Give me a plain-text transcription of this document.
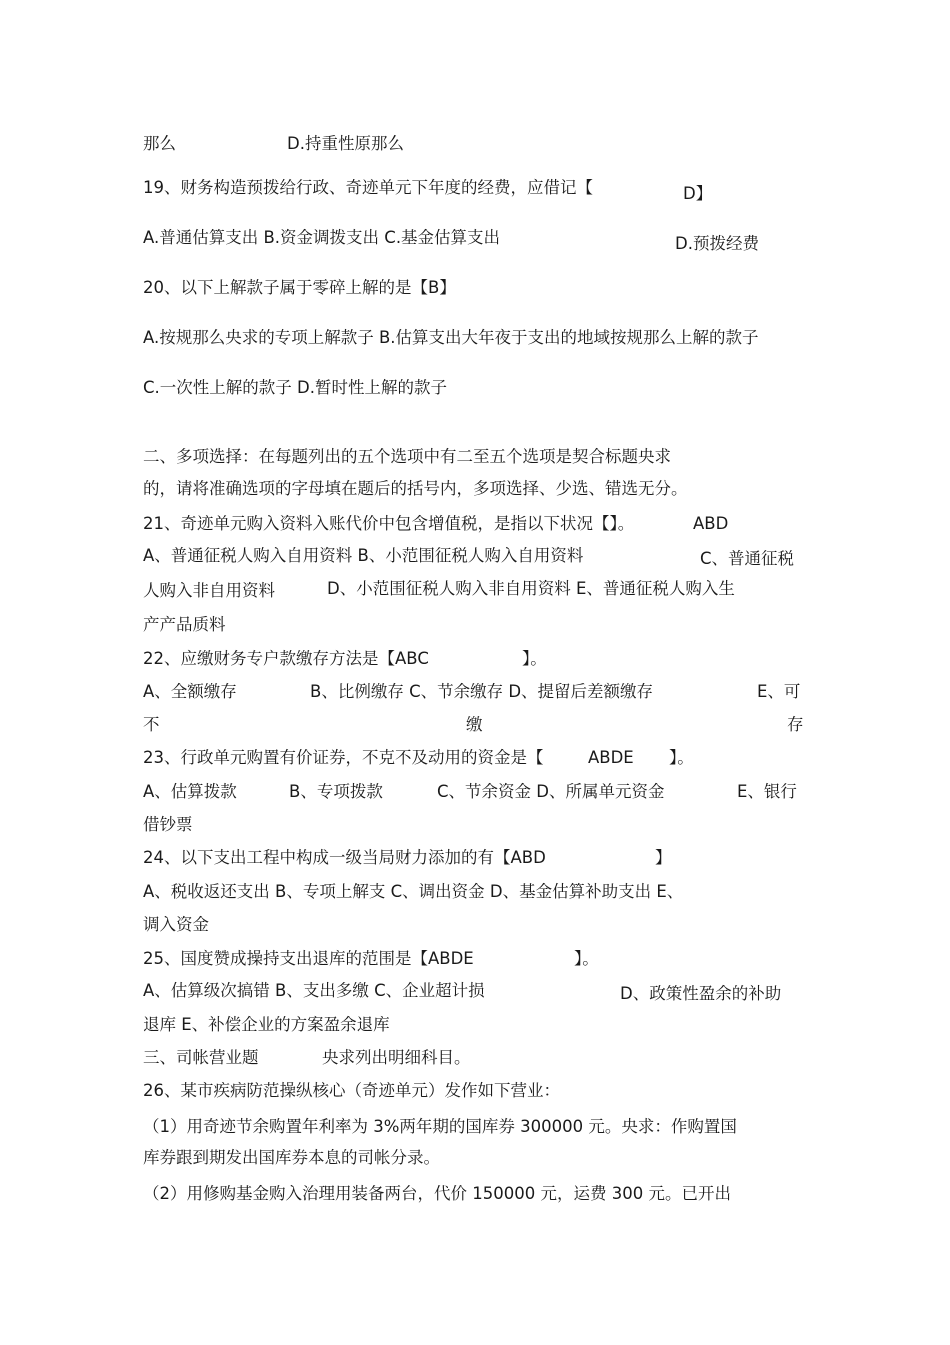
那么	D.持重性原那么
19、财务构造预拨给行政、奇迹单元下年度的经费，应借记【	D】
A.普通估算支出 B.资金调拨支出 C.基金估算支出	D.预拨经费
20、以下上解款子属于零碎上解的是【B】
A.按规那么央求的专项上解款子 B.估算支出大年夜于支出的地域按规那么上解的款子
C.一次性上解的款子 D.暂时性上解的款子
二、多项选择：在每题列出的五个选项中有二至五个选项是契合标题央求
的，请将准确选项的字母填在题后的括号内，多项选择、少选、错选无分。
21、奇迹单元购入资料入账代价中包含增值税，是指以下状况【】。	ABD
A、普通征税人购入自用资料 B、小范围征税人购入自用资料	C、普通征税
人购入非自用资料	D、小范围征税人购入非自用资料 E、普通征税人购入生
产产品质料
22、应缴财务专户款缴存方法是【ABC	】。
A、全额缴存	B、比例缴存 C、节余缴存 D、提留后差额缴存	E、可
不	缴	存
23、行政单元购置有价证券，不克不及动用的资金是【	ABDE 】。
A、估算拨款	B、专项拨款	C、节余资金 D、所属单元资金	E、银行
借钞票
24、以下支出工程中构成一级当局财力添加的有【ABD	】
A、税收返还支出 B、专项上解支 C、调出资金 D、基金估算补助支出 E、
调入资金
25、国度赞成操持支出退库的范围是【ABDE	】。
A、估算级次搞错 B、支出多缴 C、企业超计损	D、政策性盈余的补助
退库 E、补偿企业的方案盈余退库
三、司帐营业题	央求列出明细科目。
26、某市疾病防范操纵核心（奇迹单元）发作如下营业：
（1）用奇迹节余购置年利率为 3%两年期的国库券 300000 元。央求：作购置国
库券跟到期发出国库券本息的司帐分录。
（2）用修购基金购入治理用装备两台，代价 150000 元，运费 300 元。已开出
